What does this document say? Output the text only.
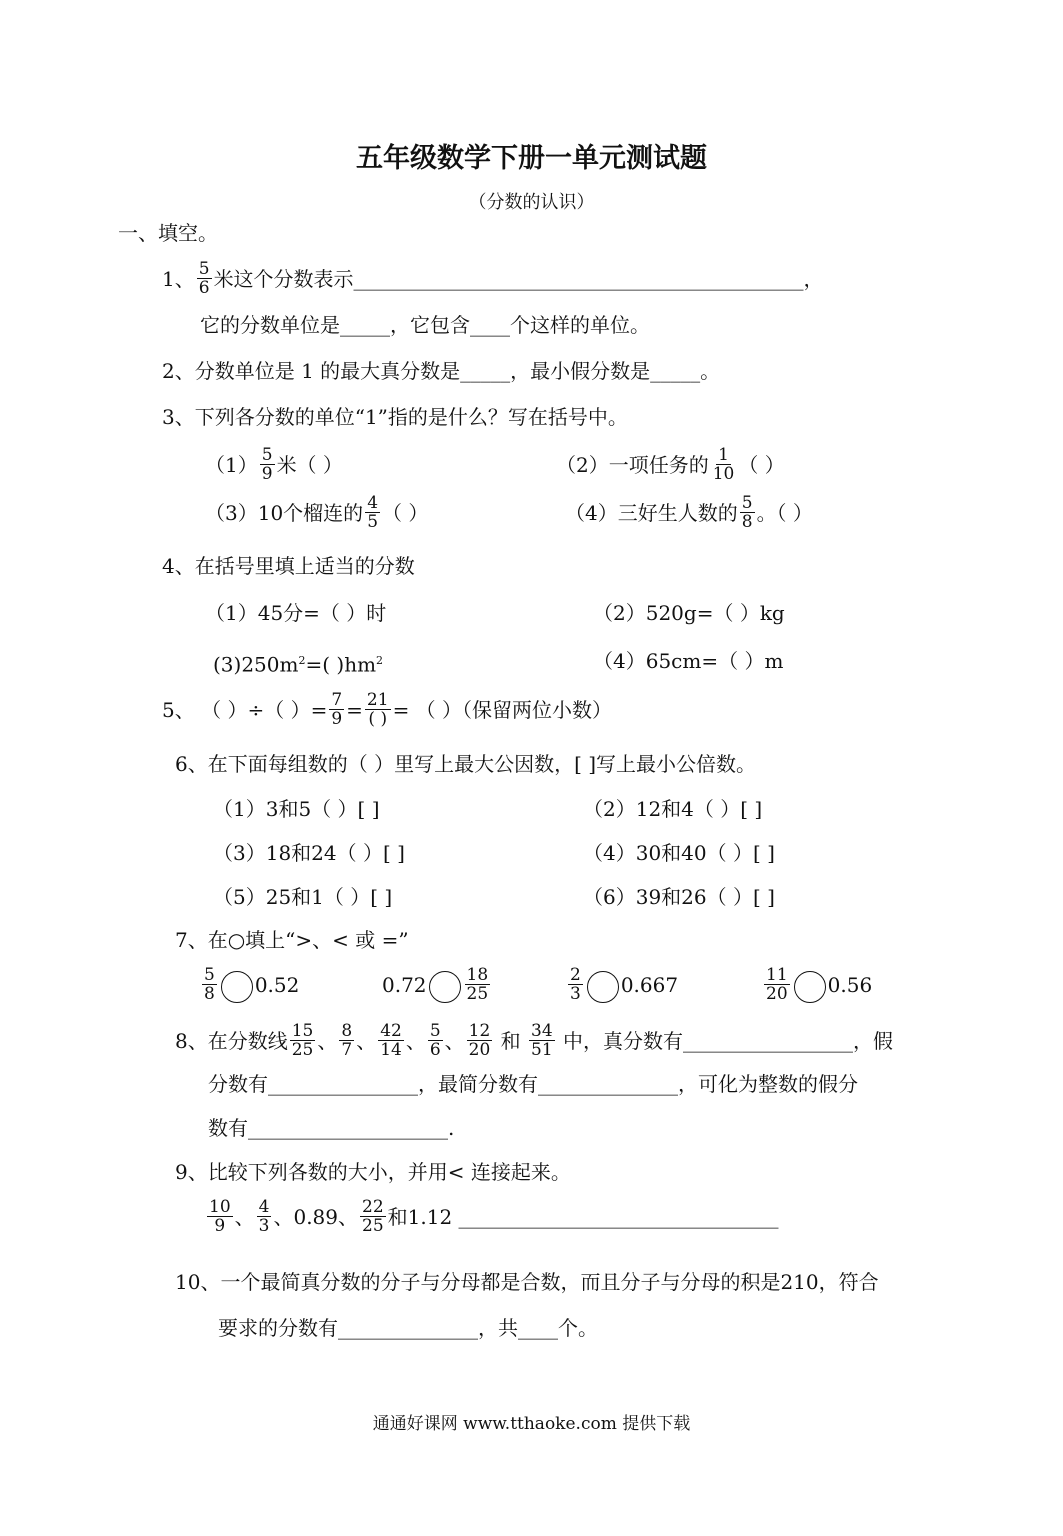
五年级数学下册一单元测试题
（分数的认识）
一、填空。
1、 $\frac{5}{6}$ 米这个分数表示_____________________________________________，
它的分数单位是_____，它包含____个这样的单位。
2、分数单位是 1 的最大真分数是_____，最小假分数是_____。
3、下列各分数的单位“1”指的是什么？写在括号中。
$(1) \frac{5}{9}$ 米（ ）	（2）一项任务的 $\frac{1}{10}$ （ ）
（3）10个榴连的 $\frac{4}{5}$ （ ）	（4）三好生人数的 $\frac{5}{8}$ 。（ ）
4、在括号里填上适当的分数
（1）45分=（ ）时	（2）520g=（ ）kg
$(3)250m^2=$( )$hm^2$	（4）65cm=（ ）m
5、 （ ）÷（ ）= $\frac{7}{9} = \frac{21}{( )}$ = （ ）（保留两位小数）
6、在下面每组数的（ ）里写上最大公因数，[ ]写上最小公倍数。
（1）3和5（ ）[ ]	（2）12和4（ ）[ ]
（3）18和24（ ）[ ]	（4）30和40（ ）[ ]
（5）25和1（ ）[ ]	（6）39和26（ ）[ ]
7、在○填上“>、< 或 =”
$\frac{5}{8} 0.52$	$0.72 \frac{18}{25}$	$\frac{2}{3} 0.667$	$\frac{11}{20} 0.56$
8、在分数线 $\frac{15}{25}$ 、 $\frac{8}{7}$ 、 $\frac{42}{14}$ 、 $\frac{5}{6}$ 、 $\frac{12}{20}$ 和 $\frac{34}{51}$ 中，真分数有_________________，假
分数有_______________，最简分数有______________，可化为整数的假分
数有____________________.
9、比较下列各数的大小，并用< 连接起来。
$\frac{10}{9}$ 、 $\frac{4}{3}$ 、0.89、 $\frac{22}{25}$ 和1.12 ________________________________
10、一个最简真分数的分子与分母都是合数，而且分子与分母的积是210，符合
要求的分数有______________，共____个。
通通好课网 www.tthaoke.com 提供下载
